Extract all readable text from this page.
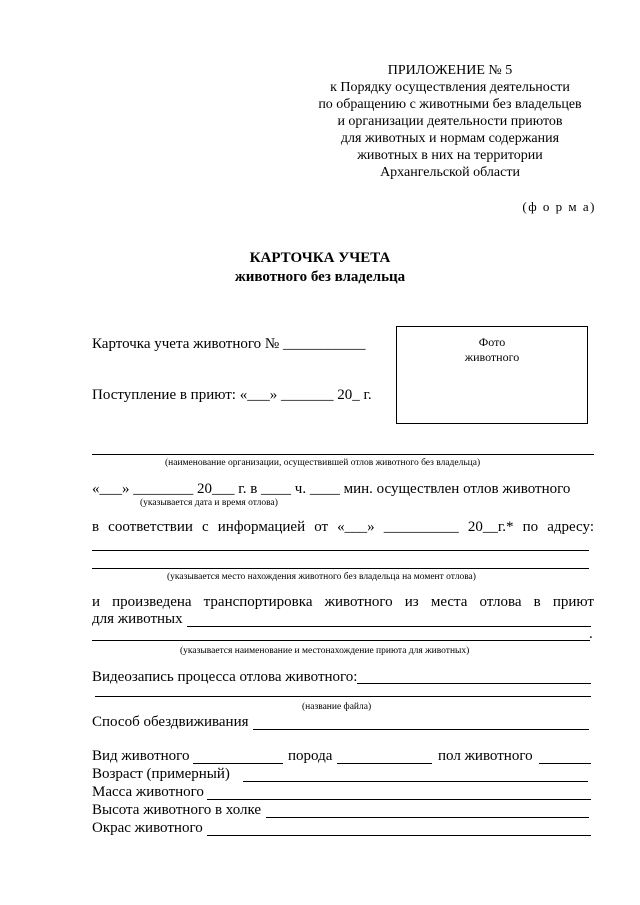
ПРИЛОЖЕНИЕ № 5
к Порядку осуществления деятельности
по обращению с животными без владельцев
и организации деятельности приютов
для животных и нормам содержания
животных в них на территории
Архангельской области
(ф о р м а)
КАРТОЧКА УЧЕТА
животного без владельца
Фото
животного
Карточка учета животного № ___________
Поступление в приют: «___» _______ 20_ г.
(наименование организации, осуществившей отлов животного без владельца)
«___» ________ 20___ г. в ____ ч. ____ мин. осуществлен отлов животного
(указывается дата и время отлова)
в соответствии с информацией от «___» __________ 20__г.* по адресу:
(указывается место нахождения животного без владельца на момент отлова)
и произведена транспортировка животного из места отлова в приют
для животных
.
(указывается наименование и местонахождение приюта для животных)
Видеозапись процесса отлова животного:
(название файла)
Способ обездвиживания
Вид животного	порода	пол животного
Возраст (примерный)
Масса животного
Высота животного в холке
Окрас животного
